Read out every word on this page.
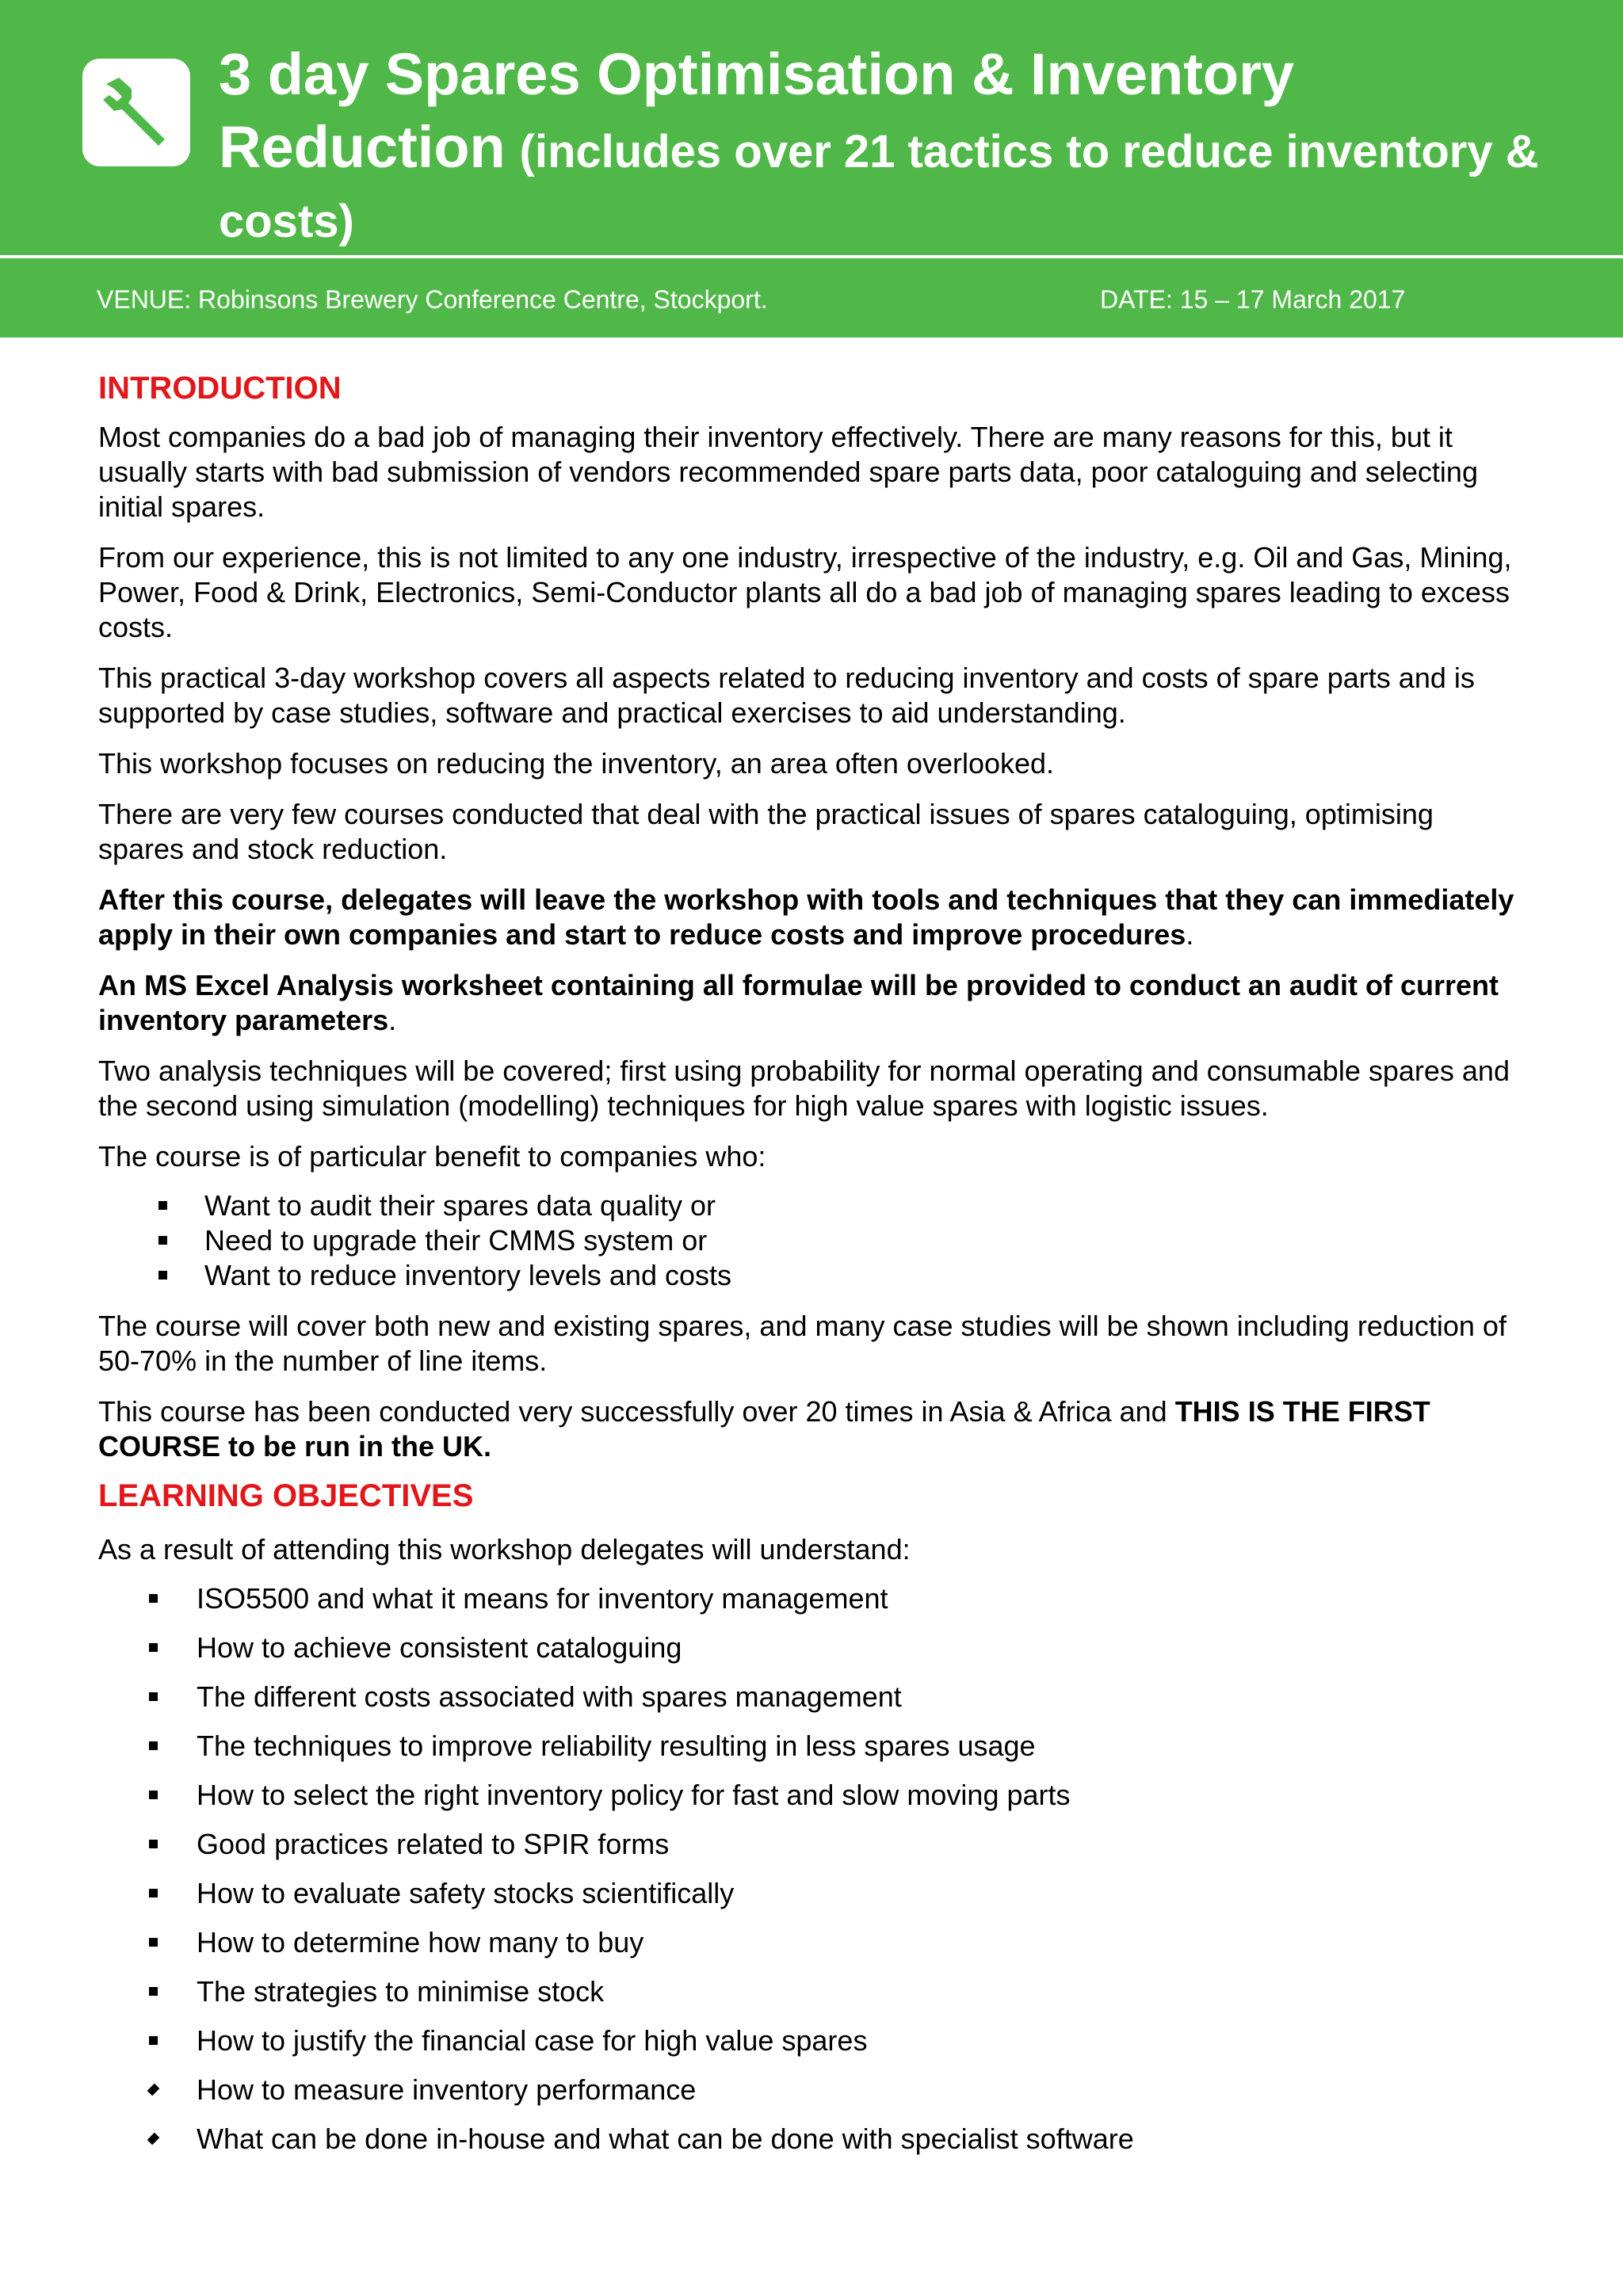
3 day Spares Optimisation & Inventory Reduction (includes over 21 tactics to reduce inventory & costs)
VENUE: Robinsons Brewery Conference Centre, Stockport.	DATE: 15 – 17 March 2017
INTRODUCTION

Most companies do a bad job of managing their inventory effectively. There are many reasons for this, but it usually starts with bad submission of vendors recommended spare parts data, poor cataloguing and selecting initial spares.

From our experience, this is not limited to any one industry, irrespective of the industry, e.g. Oil and Gas, Mining, Power, Food & Drink, Electronics, Semi-Conductor plants all do a bad job of managing spares leading to excess costs.

This practical 3-day workshop covers all aspects related to reducing inventory and costs of spare parts and is supported by case studies, software and practical exercises to aid understanding.

This workshop focuses on reducing the inventory, an area often overlooked.

There are very few courses conducted that deal with the practical issues of spares cataloguing, optimising spares and stock reduction.

After this course, delegates will leave the workshop with tools and techniques that they can immediately apply in their own companies and start to reduce costs and improve procedures.

An MS Excel Analysis worksheet containing all formulae will be provided to conduct an audit of current inventory parameters.

Two analysis techniques will be covered; first using probability for normal operating and consumable spares and the second using simulation (modelling) techniques for high value spares with logistic issues.

The course is of particular benefit to companies who:

Want to audit their spares data quality or
Need to upgrade their CMMS system or
Want to reduce inventory levels and costs

The course will cover both new and existing spares, and many case studies will be shown including reduction of 50-70% in the number of line items.

This course has been conducted very successfully over 20 times in Asia & Africa and THIS IS THE FIRST COURSE to be run in the UK.

LEARNING OBJECTIVES

As a result of attending this workshop delegates will understand:

ISO5500 and what it means for inventory management
How to achieve consistent cataloguing
The different costs associated with spares management
The techniques to improve reliability resulting in less spares usage
How to select the right inventory policy for fast and slow moving parts
Good practices related to SPIR forms
How to evaluate safety stocks scientifically
How to determine how many to buy
The strategies to minimise stock
How to justify the financial case for high value spares
How to measure inventory performance
What can be done in-house and what can be done with specialist software
